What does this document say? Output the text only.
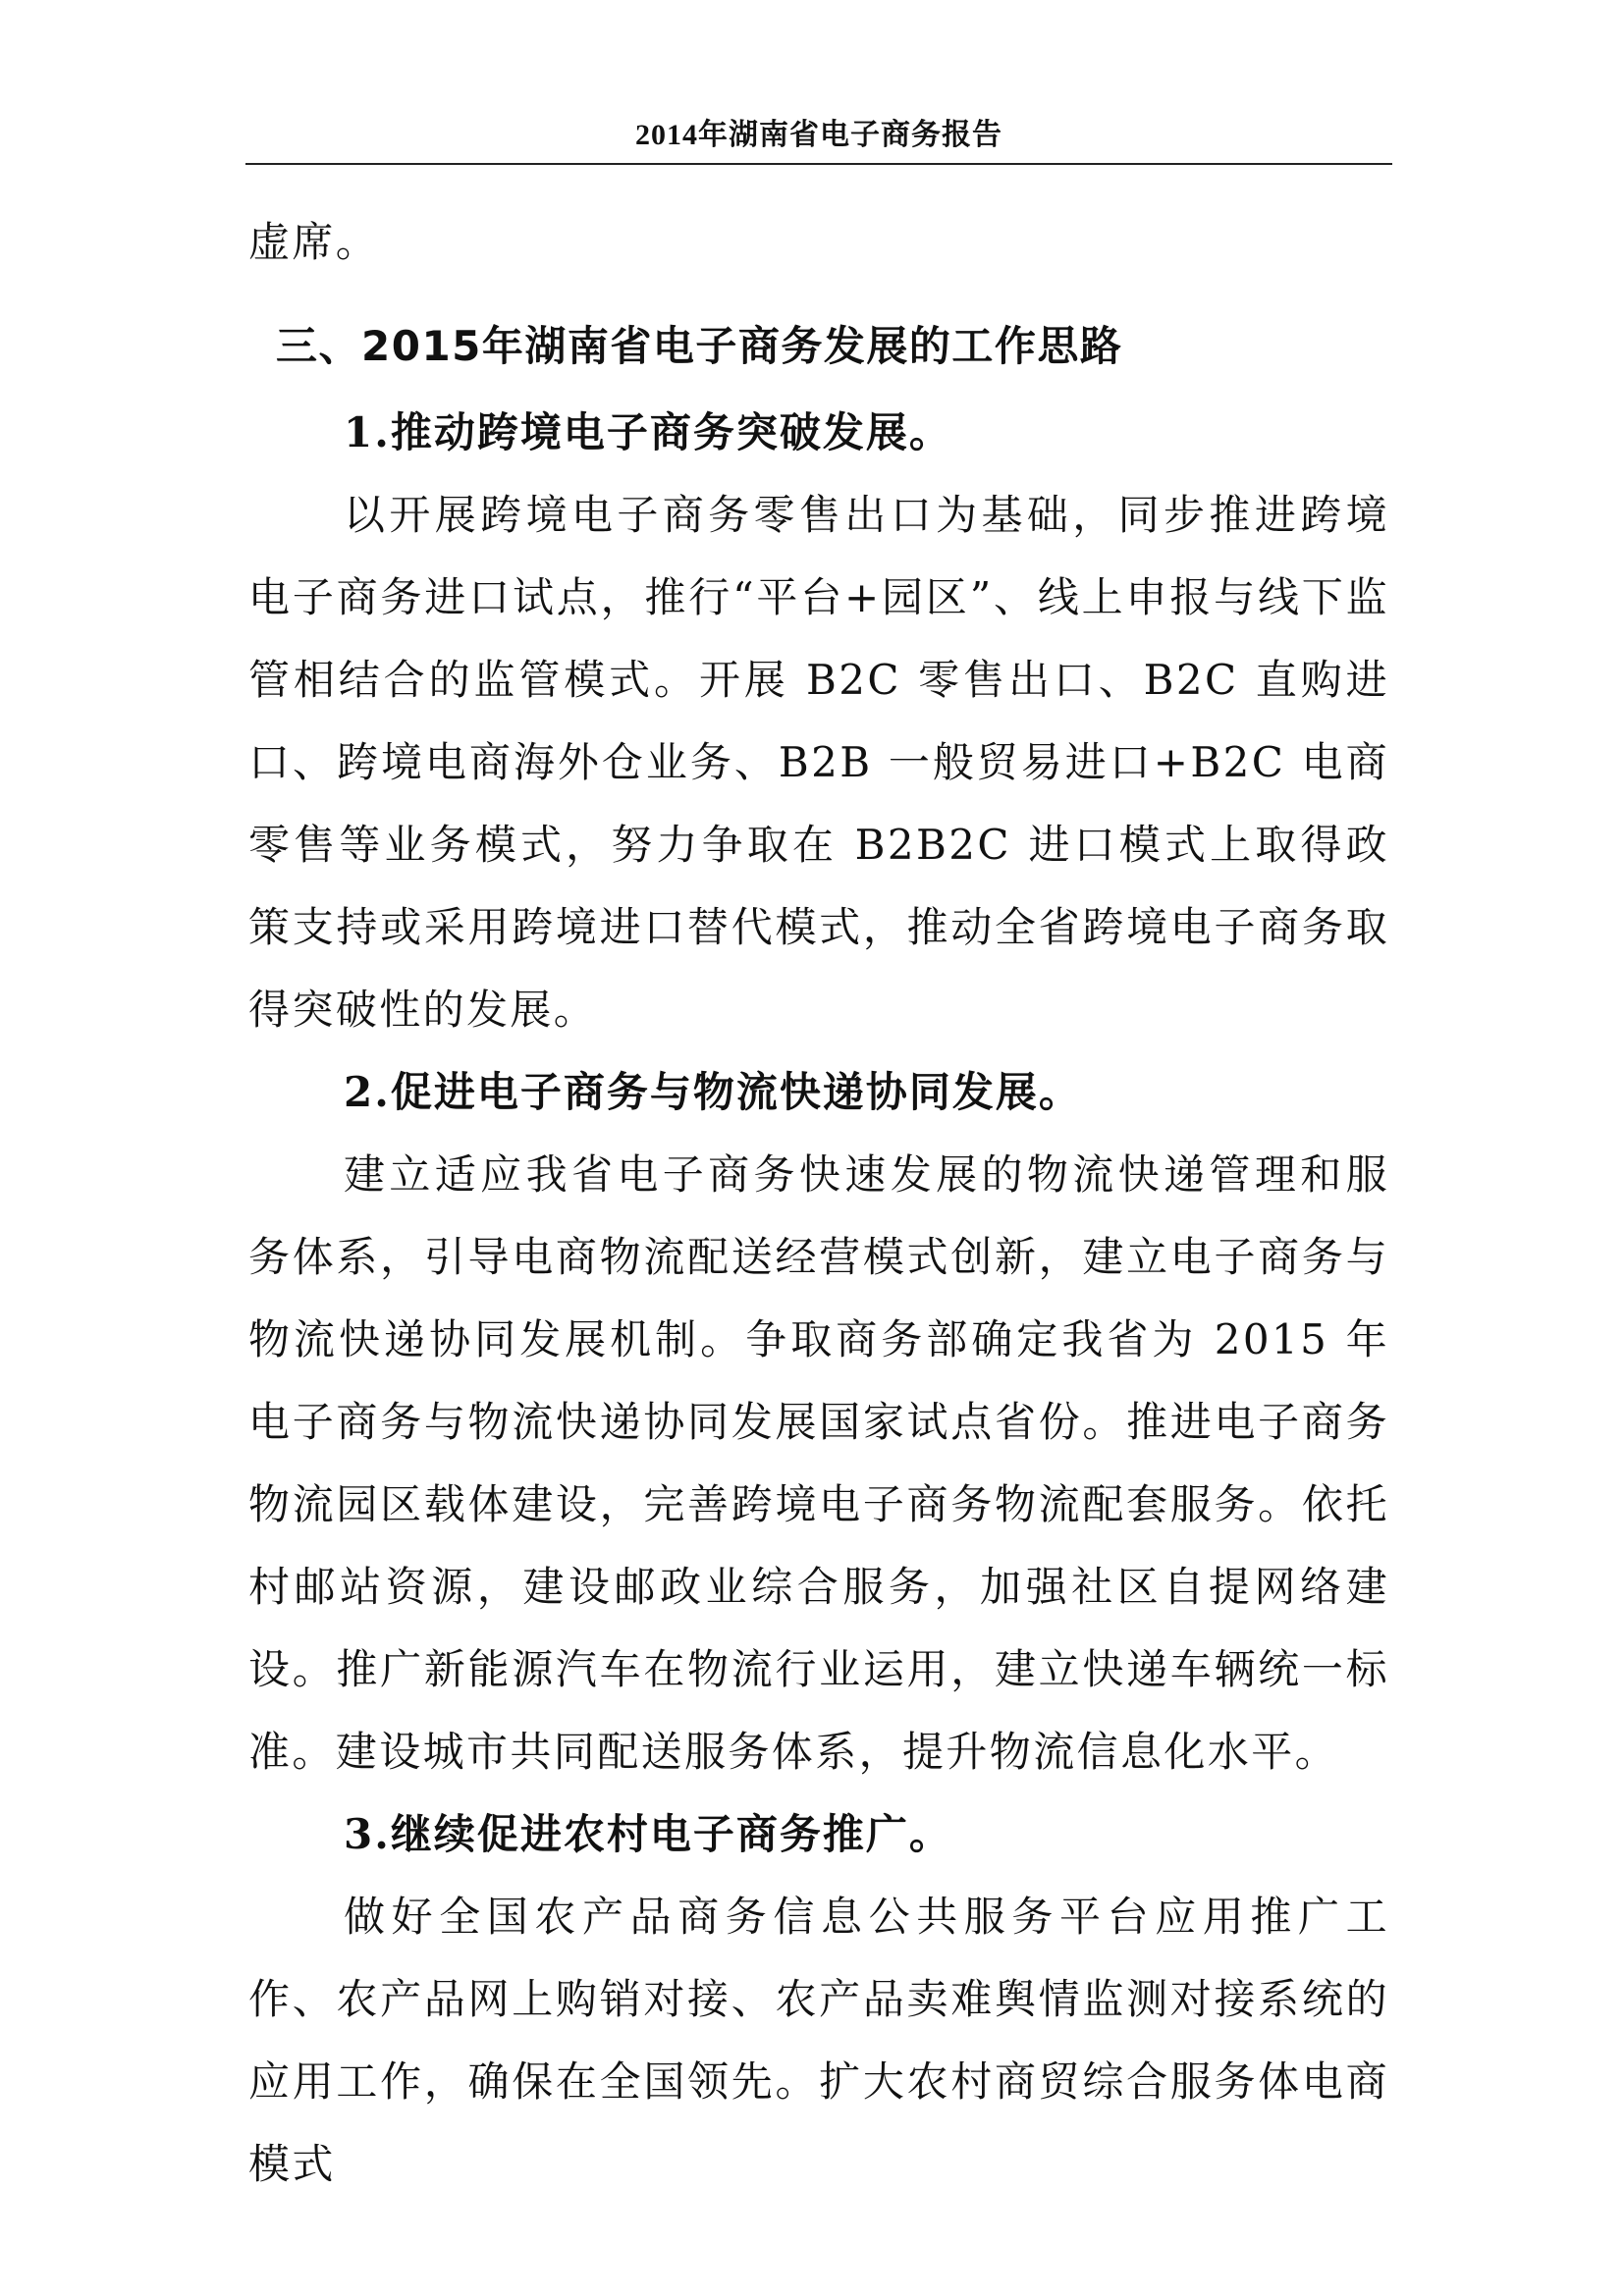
2014年湖南省电子商务报告

虚席。

三、2015年湖南省电子商务发展的工作思路
1.推动跨境电子商务突破发展。

以开展跨境电子商务零售出口为基础，同步推进跨境电子商务进口试点，推行“平台+园区”、线上申报与线下监管相结合的监管模式。开展 B2C 零售出口、B2C 直购进口、跨境电商海外仓业务、B2B 一般贸易进口+B2C 电商零售等业务模式，努力争取在 B2B2C 进口模式上取得政策支持或采用跨境进口替代模式，推动全省跨境电子商务取得突破性的发展。

2.促进电子商务与物流快递协同发展。

建立适应我省电子商务快速发展的物流快递管理和服务体系，引导电商物流配送经营模式创新，建立电子商务与物流快递协同发展机制。争取商务部确定我省为 2015 年电子商务与物流快递协同发展国家试点省份。推进电子商务物流园区载体建设，完善跨境电子商务物流配套服务。依托村邮站资源，建设邮政业综合服务，加强社区自提网络建设。推广新能源汽车在物流行业运用，建立快递车辆统一标准。建设城市共同配送服务体系，提升物流信息化水平。

3.继续促进农村电子商务推广。

做好全国农产品商务信息公共服务平台应用推广工作、农产品网上购销对接、农产品卖难舆情监测对接系统的应用工作，确保在全国领先。扩大农村商贸综合服务体电商模式
